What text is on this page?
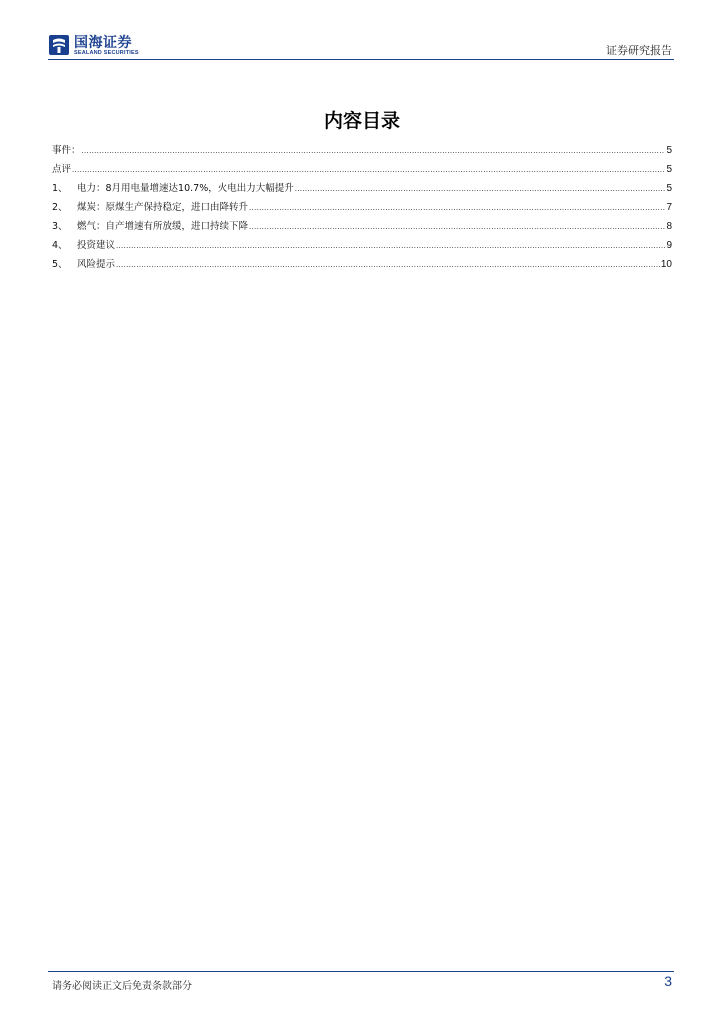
国海证券
SEALAND SECURITIES	证券研究报告
内容目录
事件： .....	5
点评 .....	5
1、 电力：8月用电量增速达10.7%，火电出力大幅提升 .....	5
2、 煤炭：原煤生产保持稳定，进口由降转升 .....	7
3、 燃气：自产增速有所放缓，进口持续下降 .....	8
4、 投资建议 .....	9
5、 风险提示 .....	10
请务必阅读正文后免责条款部分	3
